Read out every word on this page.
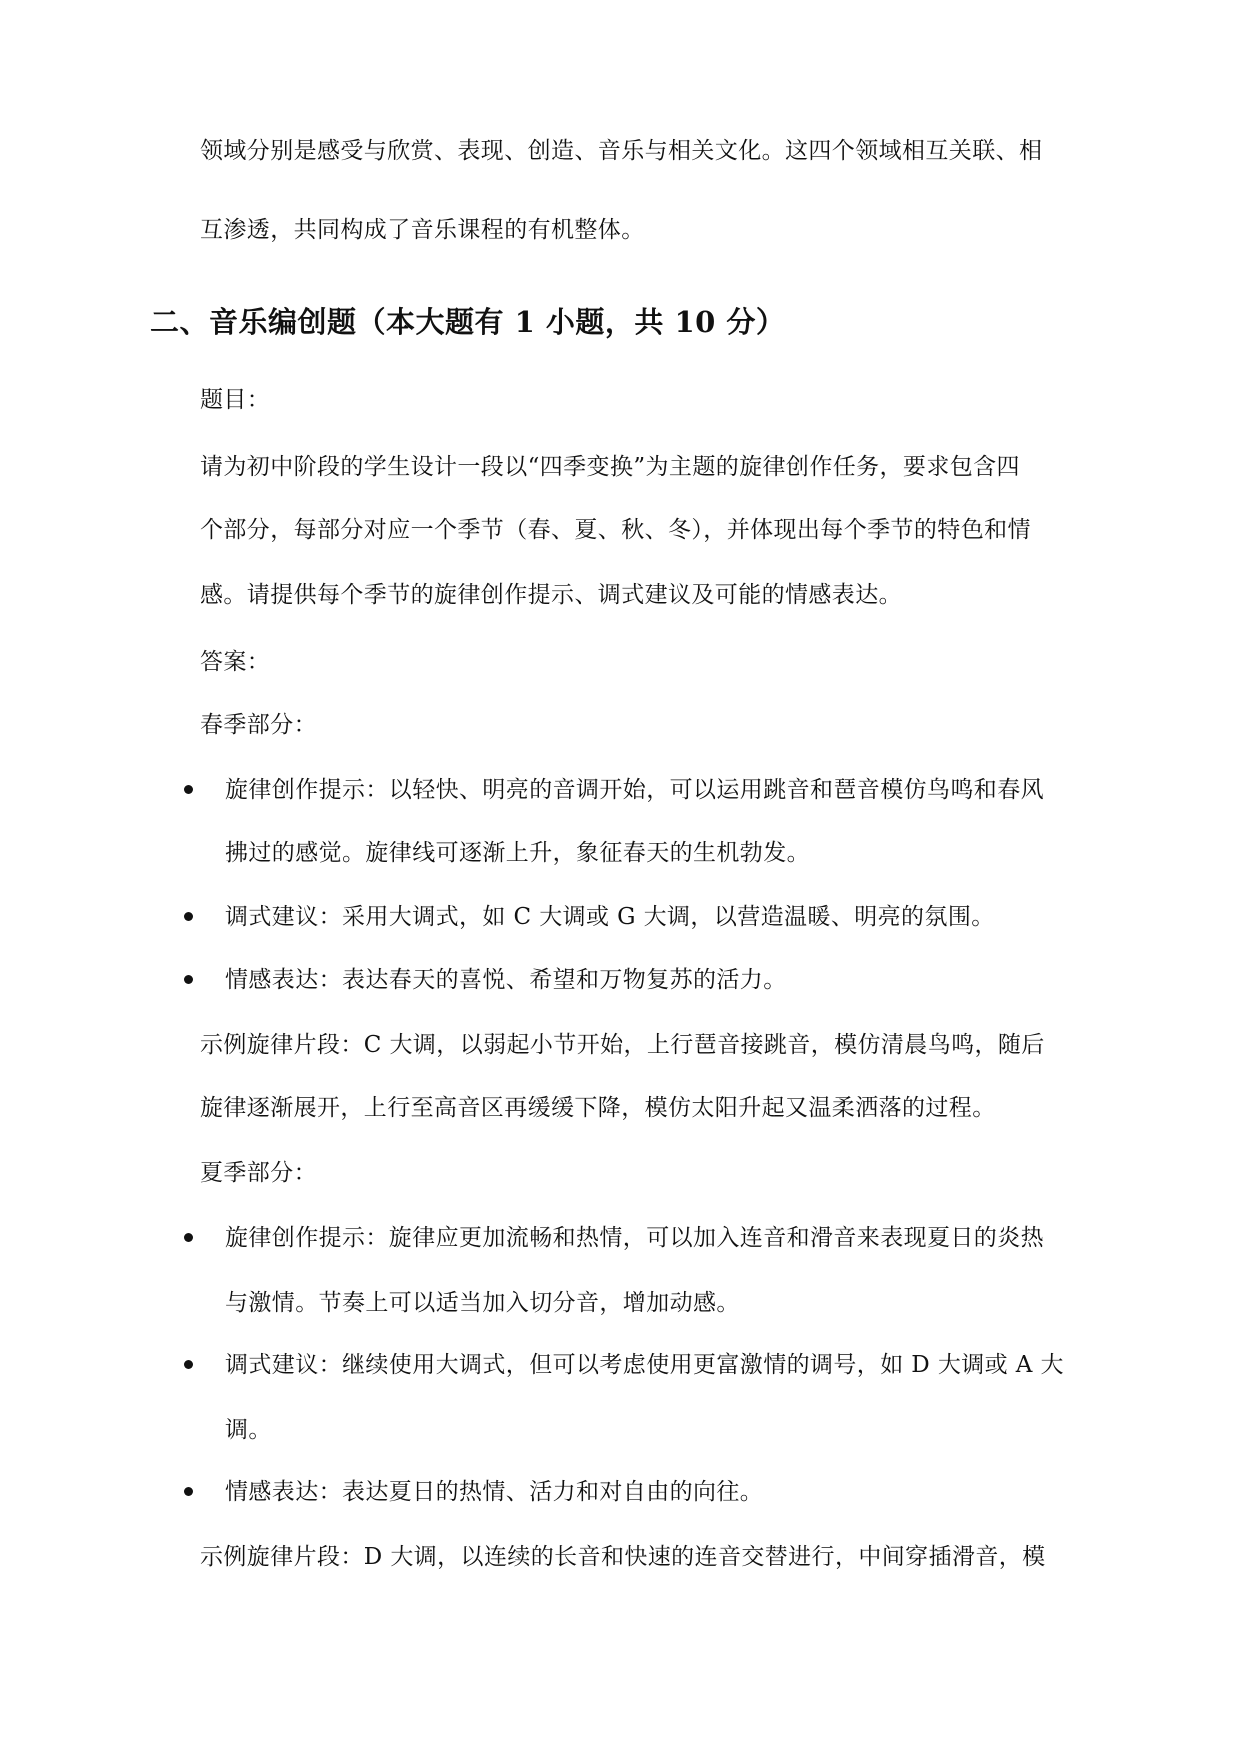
领域分别是感受与欣赏、表现、创造、音乐与相关文化。这四个领域相互关联、相
互渗透，共同构成了音乐课程的有机整体。
二、音乐编创题（本大题有 1 小题，共 10 分）
题目：
请为初中阶段的学生设计一段以“四季变换”为主题的旋律创作任务，要求包含四
个部分，每部分对应一个季节（春、夏、秋、冬），并体现出每个季节的特色和情
感。请提供每个季节的旋律创作提示、调式建议及可能的情感表达。
答案：
春季部分：
旋律创作提示：以轻快、明亮的音调开始，可以运用跳音和琶音模仿鸟鸣和春风
拂过的感觉。旋律线可逐渐上升，象征春天的生机勃发。
调式建议：采用大调式，如 C 大调或 G 大调，以营造温暖、明亮的氛围。
情感表达：表达春天的喜悦、希望和万物复苏的活力。
示例旋律片段：C 大调，以弱起小节开始，上行琶音接跳音，模仿清晨鸟鸣，随后
旋律逐渐展开，上行至高音区再缓缓下降，模仿太阳升起又温柔洒落的过程。
夏季部分：
旋律创作提示：旋律应更加流畅和热情，可以加入连音和滑音来表现夏日的炎热
与激情。节奏上可以适当加入切分音，增加动感。
调式建议：继续使用大调式，但可以考虑使用更富激情的调号，如 D 大调或 A 大
调。
情感表达：表达夏日的热情、活力和对自由的向往。
示例旋律片段：D 大调，以连续的长音和快速的连音交替进行，中间穿插滑音，模
